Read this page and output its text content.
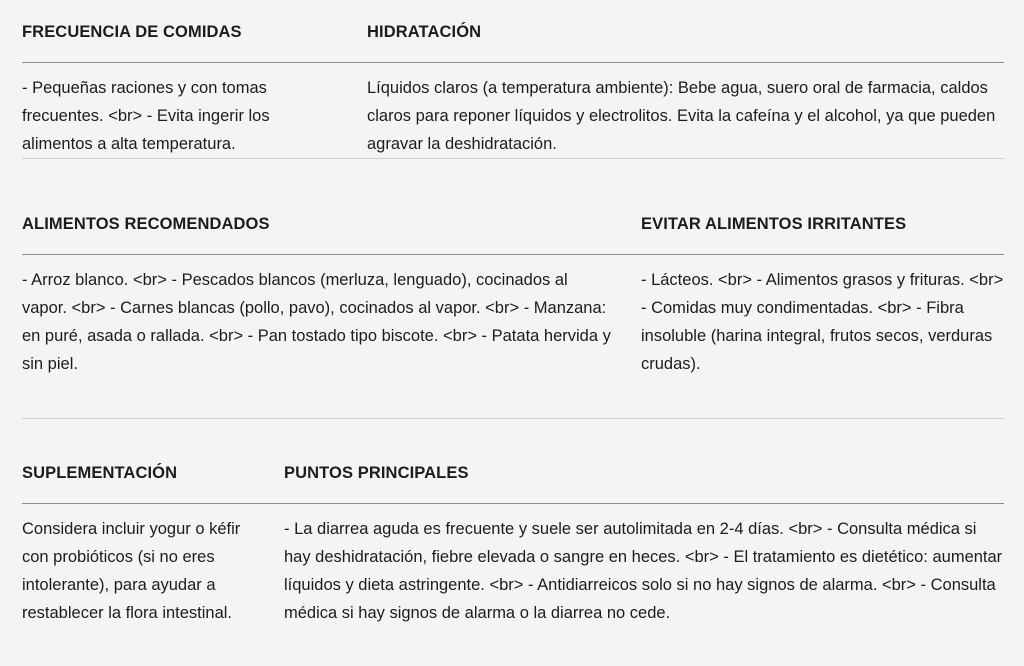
FRECUENCIA DE COMIDAS	HIDRATACIÓN
- Pequeñas raciones y con tomas frecuentes. <br> - Evita ingerir los alimentos a alta temperatura.	Líquidos claros (a temperatura ambiente): Bebe agua, suero oral de farmacia, caldos claros para reponer líquidos y electrolitos. Evita la cafeína y el alcohol, ya que pueden agravar la deshidratación.
ALIMENTOS RECOMENDADOS	EVITAR ALIMENTOS IRRITANTES
- Arroz blanco. <br> - Pescados blancos (merluza, lenguado), cocinados al vapor. <br> - Carnes blancas (pollo, pavo), cocinados al vapor. <br> - Manzana: en puré, asada o rallada. <br> - Pan tostado tipo biscote. <br> - Patata hervida y sin piel.	- Lácteos. <br> - Alimentos grasos y frituras. <br> - Comidas muy condimentadas. <br> - Fibra insoluble (harina integral, frutos secos, verduras crudas).
SUPLEMENTACIÓN	PUNTOS PRINCIPALES
Considera incluir yogur o kéfir con probióticos (si no eres intolerante), para ayudar a restablecer la flora intestinal.	- La diarrea aguda es frecuente y suele ser autolimitada en 2-4 días. <br> - Consulta médica si hay deshidratación, fiebre elevada o sangre en heces. <br> - El tratamiento es dietético: aumentar líquidos y dieta astringente. <br> - Antidiarreicos solo si no hay signos de alarma. <br> - Consulta médica si hay signos de alarma o la diarrea no cede.
